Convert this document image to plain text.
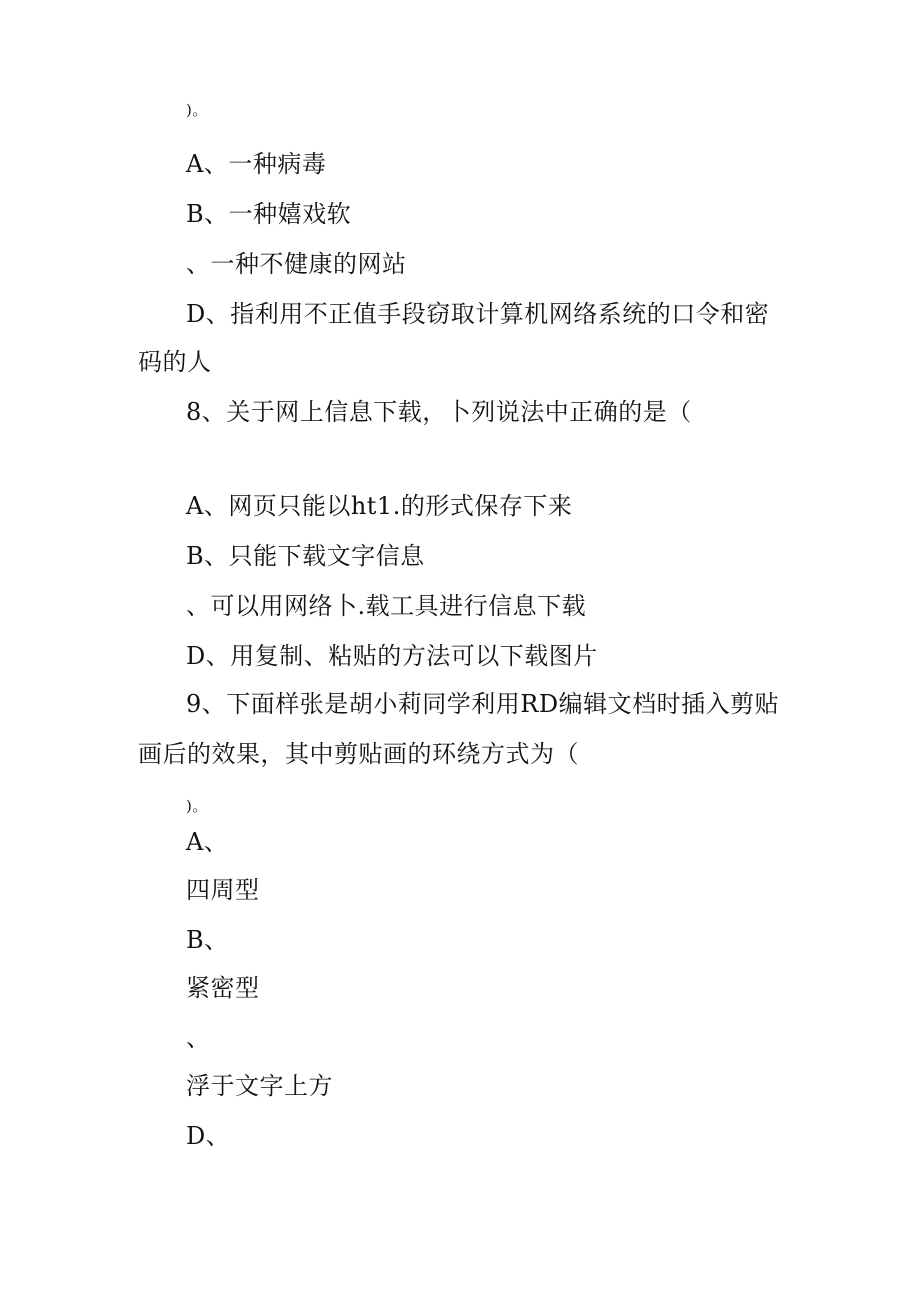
)。
A、一种病毒
B、一种嬉戏软
、一种不健康的网站
D、指利用不正值手段窃取计算机网络系统的口令和密
码的人
8、关于网上信息下载，卜列说法中正确的是（
A、网页只能以ht1.的形式保存下来
B、只能下载文字信息
、可以用网络卜.载工具进行信息下载
D、用复制、粘贴的方法可以下载图片
9、下面样张是胡小莉同学利用RD编辑文档时插入剪贴
画后的效果，其中剪贴画的环绕方式为（
)。
A、
四周型
B、
紧密型
、
浮于文字上方
D、
